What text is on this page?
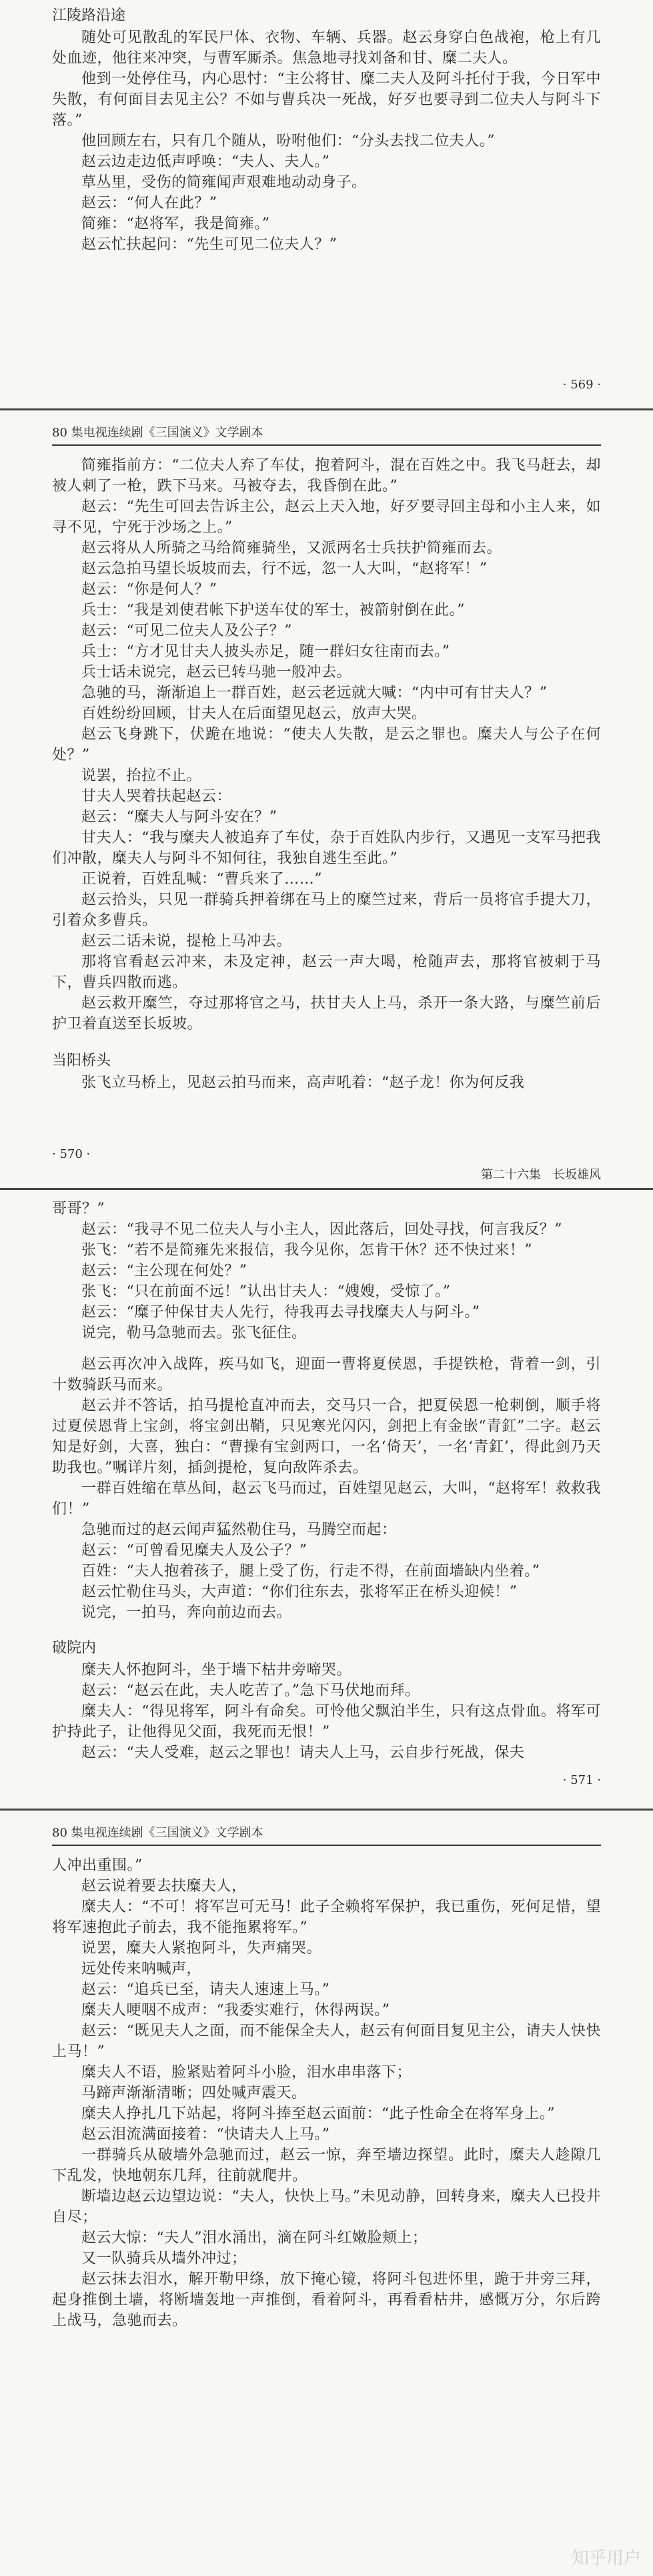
江陵路沿途

随处可见散乱的军民尸体、衣物、车辆、兵器。赵云身穿白色战袍，枪上有几处血迹，他往来冲突，与曹军厮杀。焦急地寻找刘备和甘、糜二夫人。

他到一处停住马，内心思忖：“主公将甘、糜二夫人及阿斗托付于我，今日军中失散，有何面目去见主公？不如与曹兵决一死战，好歹也要寻到二位夫人与阿斗下落。”

他回顾左右，只有几个随从，吩咐他们：“分头去找二位夫人。”

赵云边走边低声呼唤：“夫人、夫人。”

草丛里，受伤的简雍闻声艰难地动动身子。

赵云：“何人在此？”

简雍：“赵将军，我是简雍。”

赵云忙扶起问：“先生可见二位夫人？”

· 569 ·
80 集电视连续剧《三国演义》文学剧本

简雍指前方：“二位夫人弃了车仗，抱着阿斗，混在百姓之中。我飞马赶去，却被人刺了一枪，跌下马来。马被夺去，我昏倒在此。”

赵云：“先生可回去告诉主公，赵云上天入地，好歹要寻回主母和小主人来，如寻不见，宁死于沙场之上。”

赵云将从人所骑之马给简雍骑坐，又派两名士兵扶护简雍而去。

赵云急拍马望长坂坡而去，行不远，忽一人大叫，“赵将军！”

赵云：“你是何人？”

兵士：“我是刘使君帐下护送车仗的军士，被箭射倒在此。”

赵云：“可见二位夫人及公子？”

兵士：“方才见甘夫人披头赤足，随一群妇女往南而去。”

兵士话未说完，赵云已转马驰一般冲去。

急驰的马，渐渐追上一群百姓，赵云老远就大喊：“内中可有甘夫人？”

百姓纷纷回顾，甘夫人在后面望见赵云，放声大哭。

赵云飞身跳下，伏跪在地说：“使夫人失散，是云之罪也。糜夫人与公子在何处？”

说罢，抬拉不止。

甘夫人哭着扶起赵云：

赵云：“糜夫人与阿斗安在？”

甘夫人：“我与糜夫人被追弃了车仗，杂于百姓队内步行，又遇见一支军马把我们冲散，糜夫人与阿斗不知何往，我独自逃生至此。”

正说着，百姓乱喊：“曹兵来了……”

赵云拾头，只见一群骑兵押着绑在马上的糜竺过来，背后一员将官手提大刀，引着众多曹兵。

赵云二话未说，提枪上马冲去。

那将官看赵云冲来，未及定神，赵云一声大喝，枪随声去，那将官被刺于马下，曹兵四散而逃。

赵云救开糜竺，夺过那将官之马，扶甘夫人上马，杀开一条大路，与糜竺前后护卫着直送至长坂坡。

当阳桥头

张飞立马桥上，见赵云拍马而来，高声吼着：“赵子龙！你为何反我

· 570 ·
第二十六集　长坂雄风

哥哥？”

赵云：“我寻不见二位夫人与小主人，因此落后，回处寻找，何言我反？”

张飞：“若不是简雍先来报信，我今见你，怎肯干休？还不快过来！”

赵云：“主公现在何处？”

张飞：“只在前面不远！”认出甘夫人：“嫂嫂，受惊了。”

赵云：“糜子仲保甘夫人先行，待我再去寻找糜夫人与阿斗。”

说完，勒马急驰而去。张飞征住。

赵云再次冲入战阵，疾马如飞，迎面一曹将夏侯恩，手提铁枪，背着一剑，引十数骑跃马而来。

赵云并不答话，拍马提枪直冲而去，交马只一合，把夏侯恩一枪刺倒，顺手将过夏侯恩背上宝剑，将宝剑出鞘，只见寒光闪闪，剑把上有金嵌“青釭”二字。赵云知是好剑，大喜，独白：“曹操有宝剑两口，一名‘倚天’，一名‘青釭’，得此剑乃天助我也。”嘱详片刻，插剑提枪，复向敌阵杀去。

一群百姓缩在草丛间，赵云飞马而过，百姓望见赵云，大叫，“赵将军！救救我们！”

急驰而过的赵云闻声猛然勒住马，马腾空而起：

赵云：“可曾看见糜夫人及公子？”

百姓：“夫人抱着孩子，腿上受了伤，行走不得，在前面墙缺内坐着。”

赵云忙勒住马头，大声道：“你们往东去，张将军正在桥头迎候！”

说完，一拍马，奔向前边而去。

破院内

糜夫人怀抱阿斗，坐于墙下枯井旁啼哭。

赵云：“赵云在此，夫人吃苦了。”急下马伏地而拜。

糜夫人：“得见将军，阿斗有命矣。可怜他父飘泊半生，只有这点骨血。将军可护持此子，让他得见父面，我死而无恨！”

赵云：“夫人受难，赵云之罪也！请夫人上马，云自步行死战，保夫

· 571 ·
80 集电视连续剧《三国演义》文学剧本

人冲出重围。”

赵云说着要去扶糜夫人，

糜夫人：“不可！将军岂可无马！此子全赖将军保护，我已重伤，死何足惜，望将军速抱此子前去，我不能拖累将军。”

说罢，糜夫人紧抱阿斗，失声痛哭。

远处传来呐喊声，

赵云：“追兵已至，请夫人速速上马。”

糜夫人哽咽不成声：“我委实难行，休得两误。”

赵云：“既见夫人之面，而不能保全夫人，赵云有何面目复见主公，请夫人快快上马！”

糜夫人不语，脸紧贴着阿斗小脸，泪水串串落下；

马蹄声渐渐清晰；四处喊声震天。

糜夫人挣扎几下站起，将阿斗捧至赵云面前：“此子性命全在将军身上。”

赵云泪流满面接着：“快请夫人上马。”

一群骑兵从破墙外急驰而过，赵云一惊，奔至墙边探望。此时，糜夫人趁隙几下乱发，快地朝东几拜，往前就爬井。

断墙边赵云边望边说：“夫人，快快上马。”未见动静，回转身来，糜夫人已投井自尽；

赵云大惊：“夫人”泪水涌出，滴在阿斗红嫩脸颊上；

又一队骑兵从墙外冲过；

赵云抹去泪水，解开勒甲绦，放下掩心镜，将阿斗包进怀里，跪于井旁三拜，起身推倒土墙，将断墙轰地一声推倒，看着阿斗，再看看枯井，感慨万分，尔后跨上战马，急驰而去。

知乎用户
